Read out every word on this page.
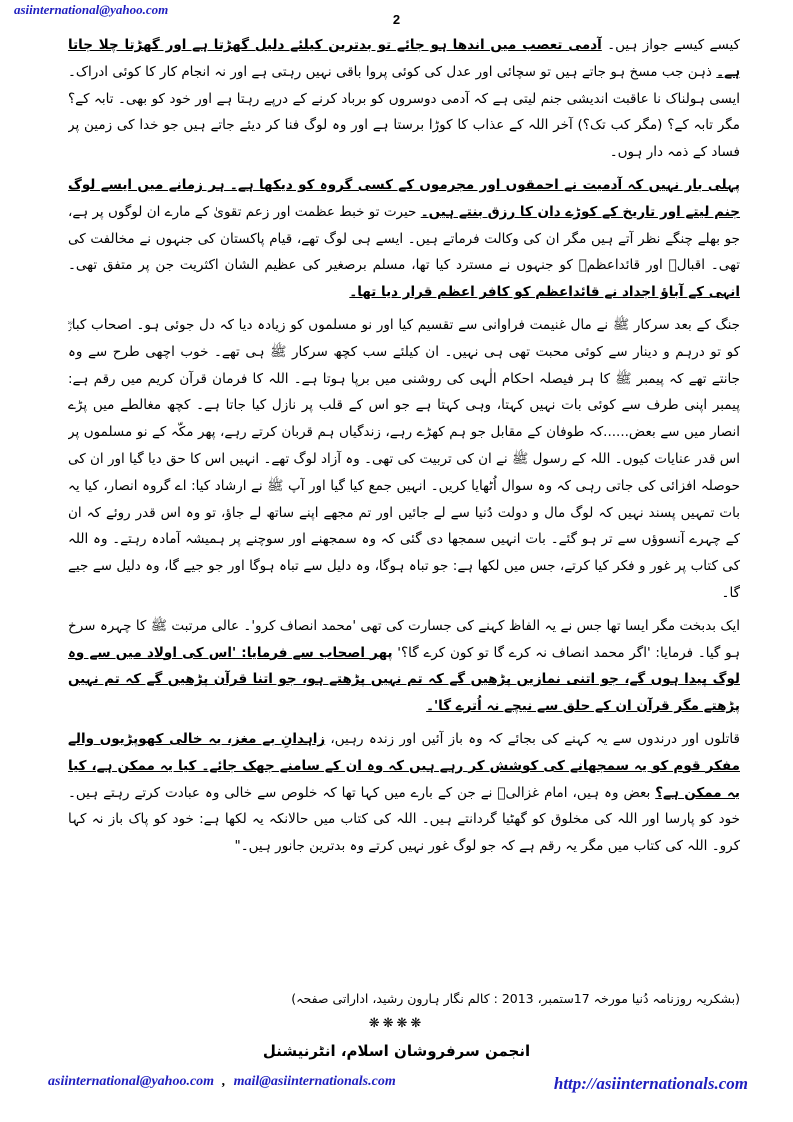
asiinternational@yahoo.com
2

کیسے کیسے جواز ہیں۔ آدمی تعصب میں اندھا ہو جائے تو بدترین کیلئے دلیل گھڑتا ہے اور گھڑتا چلا جاتا ہے۔ ذہن جب مسخ ہو جاتے ہیں تو سچائی اور عدل کی کوئی پروا باقی نہیں رہتی ہے اور نہ انجام کار کا کوئی ادراک۔ ایسی ہولناک نا عاقبت اندیشی جنم لیتی ہے کہ آدمی دوسروں کو برباد کرنے کے درپے رہتا ہے اور خود کو بھی۔ تابہ کے؟ مگر تابہ کے؟ (مگر کب تک؟) آخر اللہ کے عذاب کا کوڑا برستا ہے اور وہ لوگ فنا کر دیئے جاتے ہیں جو خدا کی زمین پر فساد کے ذمہ دار ہوں۔

پہلی بار نہیں کہ آدمیت نے احمقوں اور مجرموں کے کسی گروہ کو دیکھا ہے۔ ہر زمانے میں ایسے لوگ جنم لیتے اور تاریخ کے کوڑے دان کا رزق بنتے ہیں۔ حیرت تو خبط عظمت اور زعم تقویٰ کے مارے ان لوگوں پر ہے، جو بھلے چنگے نظر آتے ہیں مگر ان کی وکالت فرماتے ہیں۔ ایسے ہی لوگ تھے، قیام پاکستان کی جنہوں نے مخالفت کی تھی۔ اقبالؒ اور قائداعظمؒ کو جنہوں نے مسترد کیا تھا، مسلم برصغیر کی عظیم الشان اکثریت جن پر متفق تھی۔ انہی کے آباؤ اجداد نے قائداعظم کو کافر اعظم قرار دیا تھا۔

جنگ کے بعد سرکار ﷺ نے مال غنیمت فراوانی سے تقسیم کیا اور نو مسلموں کو زیادہ دیا کہ دل جوئی ہو۔ اصحاب کبارؓ کو تو درہم و دینار سے کوئی محبت تھی ہی نہیں۔ ان کیلئے سب کچھ سرکار ﷺ ہی تھے۔ خوب اچھی طرح سے وہ جانتے تھے کہ پیمبر ﷺ کا ہر فیصلہ احکام الٰہی کی روشنی میں برپا ہوتا ہے۔ اللہ کا فرمان قرآن کریم میں رقم ہے: پیمبر اپنی طرف سے کوئی بات نہیں کہتا، وہی کہتا ہے جو اس کے قلب پر نازل کیا جاتا ہے۔ کچھ مغالطے میں پڑے انصار میں سے بعض......کہ طوفان کے مقابل جو ہم کھڑے رہے، زندگیاں ہم قربان کرتے رہے، پھر مکّہ کے نو مسلموں پر اس قدر عنایات کیوں۔ اللہ کے رسول ﷺ نے ان کی تربیت کی تھی۔ وہ آزاد لوگ تھے۔ انہیں اس کا حق دیا گیا اور ان کی حوصلہ افزائی کی جاتی رہی کہ وہ سوال اُٹھایا کریں۔ انہیں جمع کیا گیا اور آپ ﷺ نے ارشاد کیا: اے گروہ انصار، کیا یہ بات تمہیں پسند نہیں کہ لوگ مال و دولت دُنیا سے لے جائیں اور تم مجھے اپنے ساتھ لے جاؤ، تو وہ اس قدر روئے کہ ان کے چہرے آنسوؤں سے تر ہو گئے۔ بات انہیں سمجھا دی گئی کہ وہ سمجھنے اور سوچنے پر ہمیشہ آمادہ رہتے۔ وہ اللہ کی کتاب پر غور و فکر کیا کرتے، جس میں لکھا ہے: جو تباہ ہوگا، وہ دلیل سے تباہ ہوگا اور جو جیے گا، وہ دلیل سے جیے گا۔

ایک بدبخت مگر ایسا تھا جس نے یہ الفاظ کہنے کی جسارت کی تھی 'محمد انصاف کرو'۔ عالی مرتبت ﷺ کا چہرہ سرخ ہو گیا۔ فرمایا: 'اگر محمد انصاف نہ کرے گا تو کون کرے گا؟' پھر اصحاب سے فرمایا: 'اس کی اولاد میں سے وہ لوگ پیدا ہوں گے، جو اتنی نمازیں پڑھیں گے کہ تم نہیں پڑھتے ہو، جو اتنا قرآن پڑھیں گے کہ تم نہیں پڑھتے مگر قرآن ان کے حلق سے نیچے نہ اُترے گا'۔

قاتلوں اور درندوں سے یہ کہنے کی بجائے کہ وہ باز آئیں اور زندہ رہیں، زاہدانِ بے مغز، یہ خالی کھوپڑیوں والے مفکر قوم کو یہ سمجھانے کی کوشش کر رہے ہیں کہ وہ ان کے سامنے جھک جائے۔ کیا یہ ممکن ہے، کیا یہ ممکن ہے؟ بعض وہ ہیں، امام غزالیؒ نے جن کے بارے میں کہا تھا کہ خلوص سے خالی وہ عبادت کرتے رہتے ہیں۔ خود کو پارسا اور اللہ کی مخلوق کو گھٹیا گردانتے ہیں۔ اللہ کی کتاب میں حالانکہ یہ لکھا ہے: خود کو پاک باز نہ کہا کرو۔ اللہ کی کتاب میں مگر یہ رقم ہے کہ جو لوگ غور نہیں کرتے وہ بدترین جانور ہیں۔"

(بشکریہ روزنامہ دُنیا مورخہ 17ستمبر، 2013 : کالم نگار ہارون رشید، اداراتی صفحہ)
❋❋❋❋
انجمن سرفروشان اسلام، انٹرنیشنل
asiinternational@yahoo.com , mail@asiinternationals.com	http://asiinternationals.com
